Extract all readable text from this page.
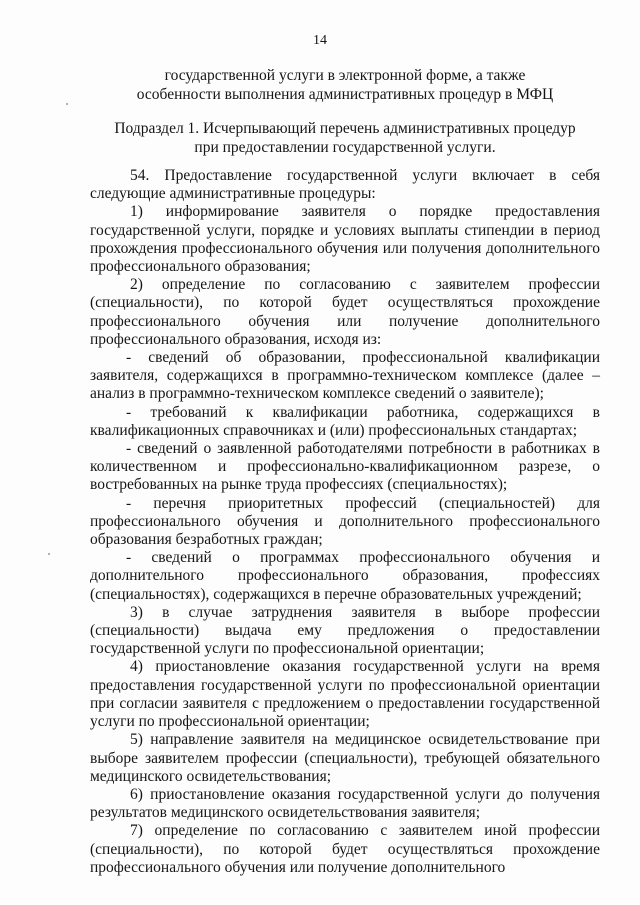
14
государственной услуги в электронной форме, а также
особенности выполнения административных процедур в МФЦ
Подраздел 1. Исчерпывающий перечень административных процедур
при предоставлении государственной услуги.

54. Предоставление государственной услуги включает в себя следующие административные процедуры:

1) информирование заявителя о порядке предоставления государственной услуги, порядке и условиях выплаты стипендии в период прохождения профессионального обучения или получения дополнительного профессионального образования;

2) определение по согласованию с заявителем профессии (специальности), по которой будет осуществляться прохождение профессионального обучения или получение дополнительного профессионального образования, исходя из:

- сведений об образовании, профессиональной квалификации заявителя, содержащихся в программно-техническом комплексе (далее – анализ в программно-техническом комплексе сведений о заявителе);

- требований к квалификации работника, содержащихся в квалификационных справочниках и (или) профессиональных стандартах;

- сведений о заявленной работодателями потребности в работниках в количественном и профессионально-квалификационном разрезе, о востребованных на рынке труда профессиях (специальностях);

- перечня приоритетных профессий (специальностей) для профессионального обучения и дополнительного профессионального образования безработных граждан;

- сведений о программах профессионального обучения и дополнительного профессионального образования, профессиях (специальностях), содержащихся в перечне образовательных учреждений;

3) в случае затруднения заявителя в выборе профессии (специальности) выдача ему предложения о предоставлении государственной услуги по профессиональной ориентации;

4) приостановление оказания государственной услуги на время предоставления государственной услуги по профессиональной ориентации при согласии заявителя с предложением о предоставлении государственной услуги по профессиональной ориентации;

5) направление заявителя на медицинское освидетельствование при выборе заявителем профессии (специальности), требующей обязательного медицинского освидетельствования;

6) приостановление оказания государственной услуги до получения результатов медицинского освидетельствования заявителя;

7) определение по согласованию с заявителем иной профессии (специальности), по которой будет осуществляться прохождение профессионального обучения или получение дополнительного
